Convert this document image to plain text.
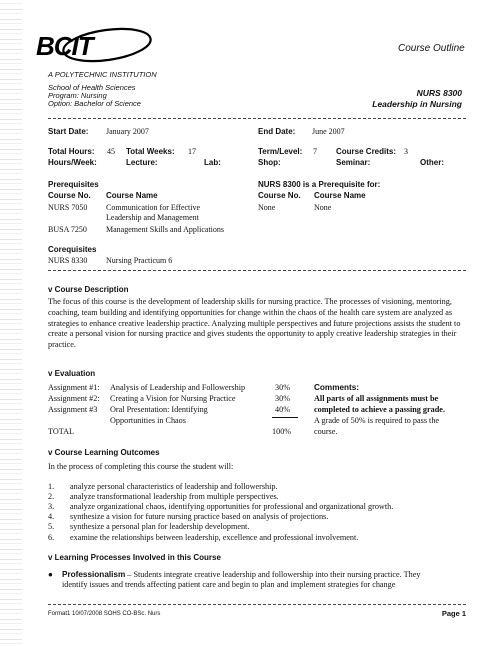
BCIT
A POLYTECHNIC INSTITUTION
Course Outline
School of Health Sciences
Program: Nursing
Option: Bachelor of Science
NURS 8300
Leadership in Nursing
Start Date: January 2007	End Date: June 2007
Total Hours: 45 Total Weeks: 17	Term/Level: 7 Course Credits: 3
Hours/Week:	Lecture:	Lab:	Shop:	Seminar:	Other:
Prerequisites
Course No. Course Name
NURS 7050 Communication for Effective
Leadership and Management
BUSA 7250 Management Skills and Applications
NURS 8300 is a Prerequisite for:
Course No. Course Name
None	None
Corequisites
NURS 8330 Nursing Practicum 6
v Course Description
The focus of this course is the development of leadership skills for nursing practice. The processes of visioning, mentoring, coaching, team building and identifying opportunities for change within the chaos of the health care system are analyzed as strategies to enhance creative leadership practice. Analyzing multiple perspectives and future projections assists the student to create a personal vision for nursing practice and gives students the opportunity to apply creative leadership strategies in their practice.
v Evaluation
Assignment #1: Analysis of Leadership and Followership	30%
Assignment #2: Creating a Vision for Nursing Practice	30%
Assignment #3 Oral Presentation: Identifying	40%
Opportunities in Chaos
TOTAL	100%
Comments:
All parts of all assignments must be
completed to achieve a passing grade.
A grade of 50% is required to pass the
course.
v Course Learning Outcomes
In the process of completing this course the student will:
1. analyze personal characteristics of leadership and followership.
2. analyze transformational leadership from multiple perspectives.
3. analyze organizational chaos, identifying opportunities for professional and organizational growth.
4. synthesize a vision for future nursing practice based on analysis of projections.
5. synthesize a personal plan for leadership development.
6. examine the relationships between leadership, excellence and professional involvement.
v Learning Processes Involved in this Course
● Professionalism – Students integrate creative leadership and followership into their nursing practice. They
identify issues and trends affecting patient care and begin to plan and implement strategies for change
Format1 10/07/2008 SOHS CO-BSc. Nurs	Page 1
